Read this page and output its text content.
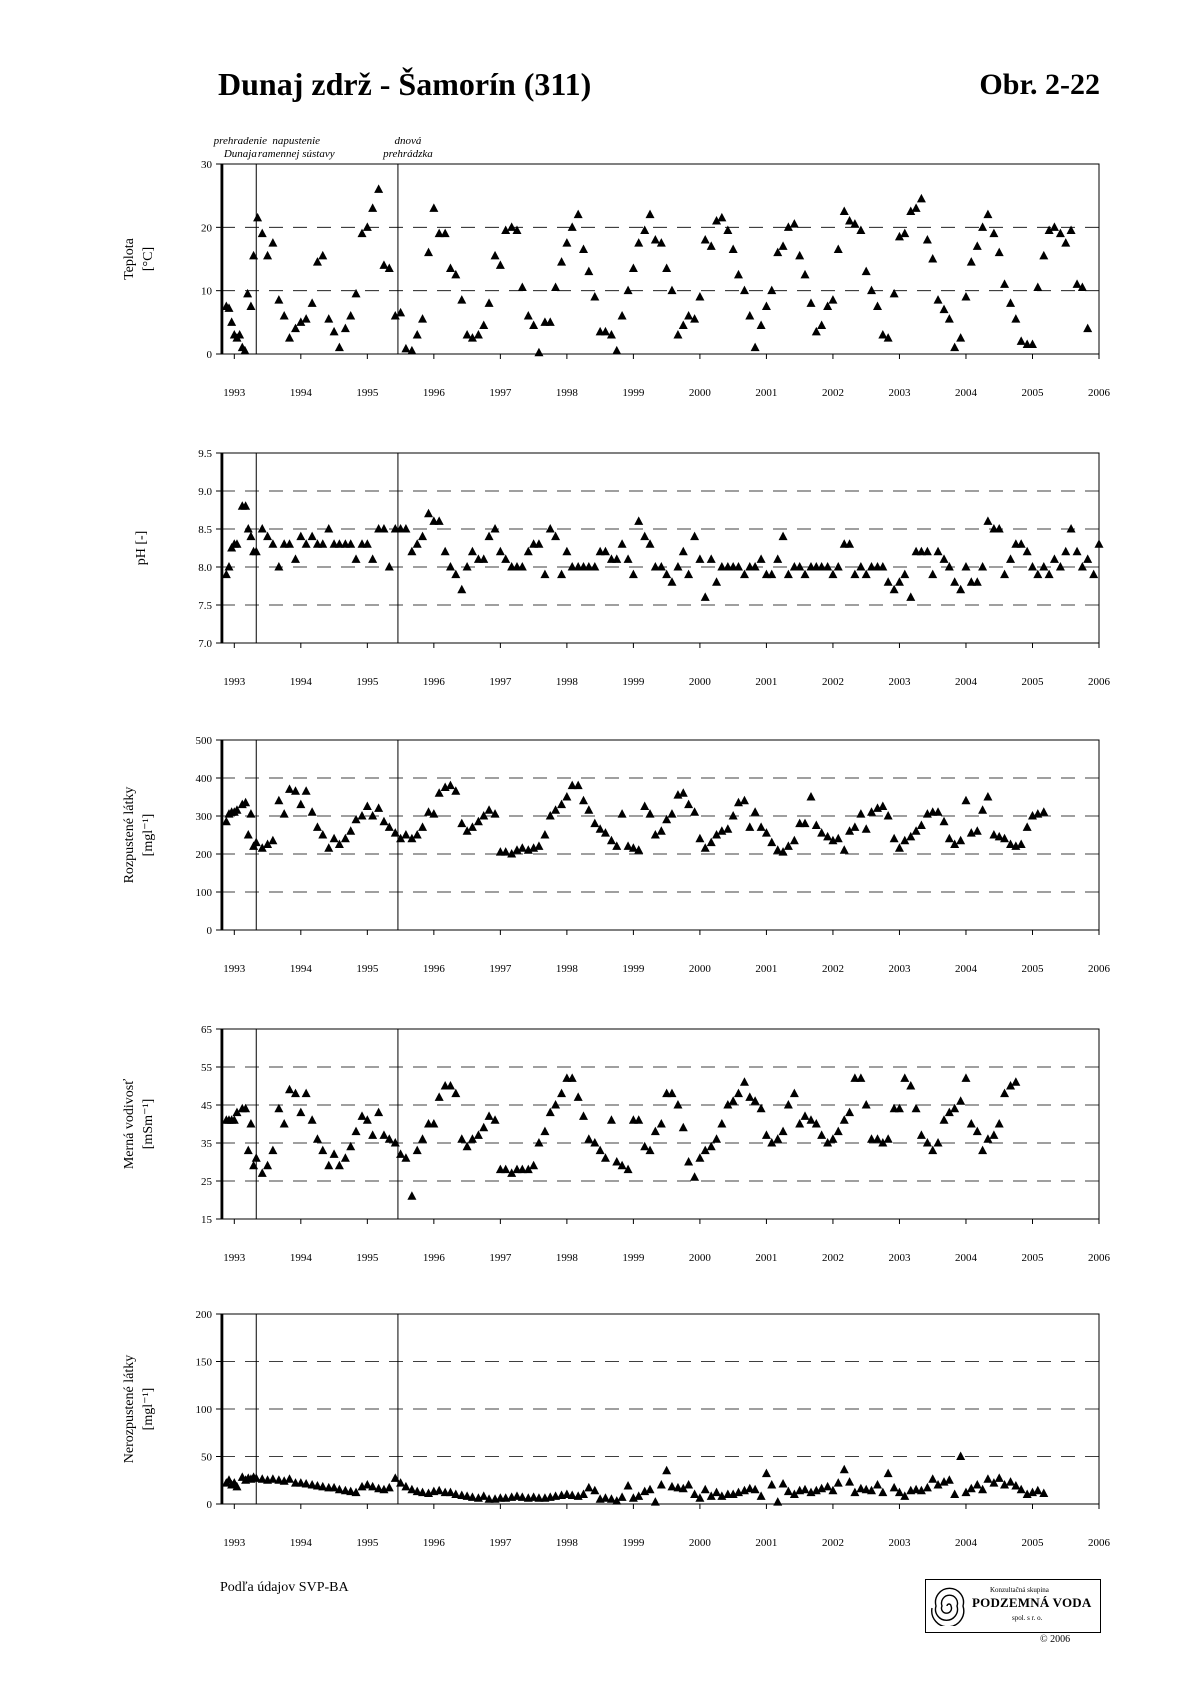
Dunaj zdrž - Šamorín (311)	Obr. 2-22
0
10
20
30
1993	1994	1995	1996	1997	1998	1999	2000	2001	2002	2003	2004	2005	2006
Teplota [°C]
prehradenie
Dunaja
napustenie
ramennej sústavy
dnová
prehrádzka
7.0
7.5
8.0
8.5
9.0
9.5
1993	1994	1995	1996	1997	1998	1999	2000	2001	2002	2003	2004	2005	2006
pH [-]
0
100
200
300
400
500
1993	1994	1995	1996	1997	1998	1999	2000	2001	2002	2003	2004	2005	2006
Rozpustené látky [mgl⁻¹]
15
25
35
45
55
65
1993	1994	1995	1996	1997	1998	1999	2000	2001	2002	2003	2004	2005	2006
Merná vodivosť [mSm⁻¹]
0
50
100
150
200
1993	1994	1995	1996	1997	1998	1999	2000	2001	2002	2003	2004	2005	2006
Nerozpustené látky [mgl⁻¹]
Podľa údajov SVP-BA	Konzultačná skupina
PODZEMNÁ VODA
spol. s r. o.
© 2006
